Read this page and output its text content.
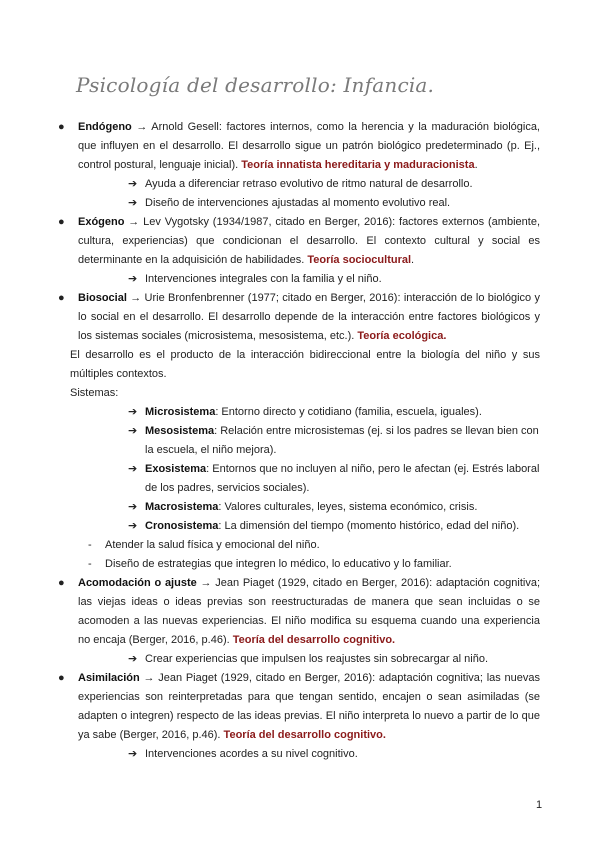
Psicología del desarrollo: Infancia.
●	Endógeno → Arnold Gesell: factores internos, como la herencia y la maduración biológica, que influyen en el desarrollo. El desarrollo sigue un patrón biológico predeterminado (p. Ej., control postural, lenguaje inicial). Teoría innatista hereditaria y maduracionista.
➔ Ayuda a diferenciar retraso evolutivo de ritmo natural de desarrollo.
➔ Diseño de intervenciones ajustadas al momento evolutivo real.
●	Exógeno → Lev Vygotsky (1934/1987, citado en Berger, 2016): factores externos (ambiente, cultura, experiencias) que condicionan el desarrollo. El contexto cultural y social es determinante en la adquisición de habilidades. Teoría sociocultural.
➔ Intervenciones integrales con la familia y el niño.
●	Biosocial → Urie Bronfenbrenner (1977; citado en Berger, 2016): interacción de lo biológico y lo social en el desarrollo. El desarrollo depende de la interacción entre factores biológicos y los sistemas sociales (microsistema, mesosistema, etc.). Teoría ecológica.
El desarrollo es el producto de la interacción bidireccional entre la biología del niño y sus múltiples contextos.
Sistemas:
➔ Microsistema: Entorno directo y cotidiano (familia, escuela, iguales).
➔ Mesosistema: Relación entre microsistemas (ej. si los padres se llevan bien con la escuela, el niño mejora).
➔ Exosistema: Entornos que no incluyen al niño, pero le afectan (ej. Estrés laboral de los padres, servicios sociales).
➔ Macrosistema: Valores culturales, leyes, sistema económico, crisis.
➔ Cronosistema: La dimensión del tiempo (momento histórico, edad del niño).
- Atender la salud física y emocional del niño.
- Diseño de estrategias que integren lo médico, lo educativo y lo familiar.
●	Acomodación o ajuste → Jean Piaget (1929, citado en Berger, 2016): adaptación cognitiva; las viejas ideas o ideas previas son reestructuradas de manera que sean incluidas o se acomoden a las nuevas experiencias. El niño modifica su esquema cuando una experiencia no encaja (Berger, 2016, p.46). Teoría del desarrollo cognitivo.
➔ Crear experiencias que impulsen los reajustes sin sobrecargar al niño.
●	Asimilación → Jean Piaget (1929, citado en Berger, 2016): adaptación cognitiva; las nuevas experiencias son reinterpretadas para que tengan sentido, encajen o sean asimiladas (se adapten o integren) respecto de las ideas previas. El niño interpreta lo nuevo a partir de lo que ya sabe (Berger, 2016, p.46). Teoría del desarrollo cognitivo.
➔ Intervenciones acordes a su nivel cognitivo.
1
